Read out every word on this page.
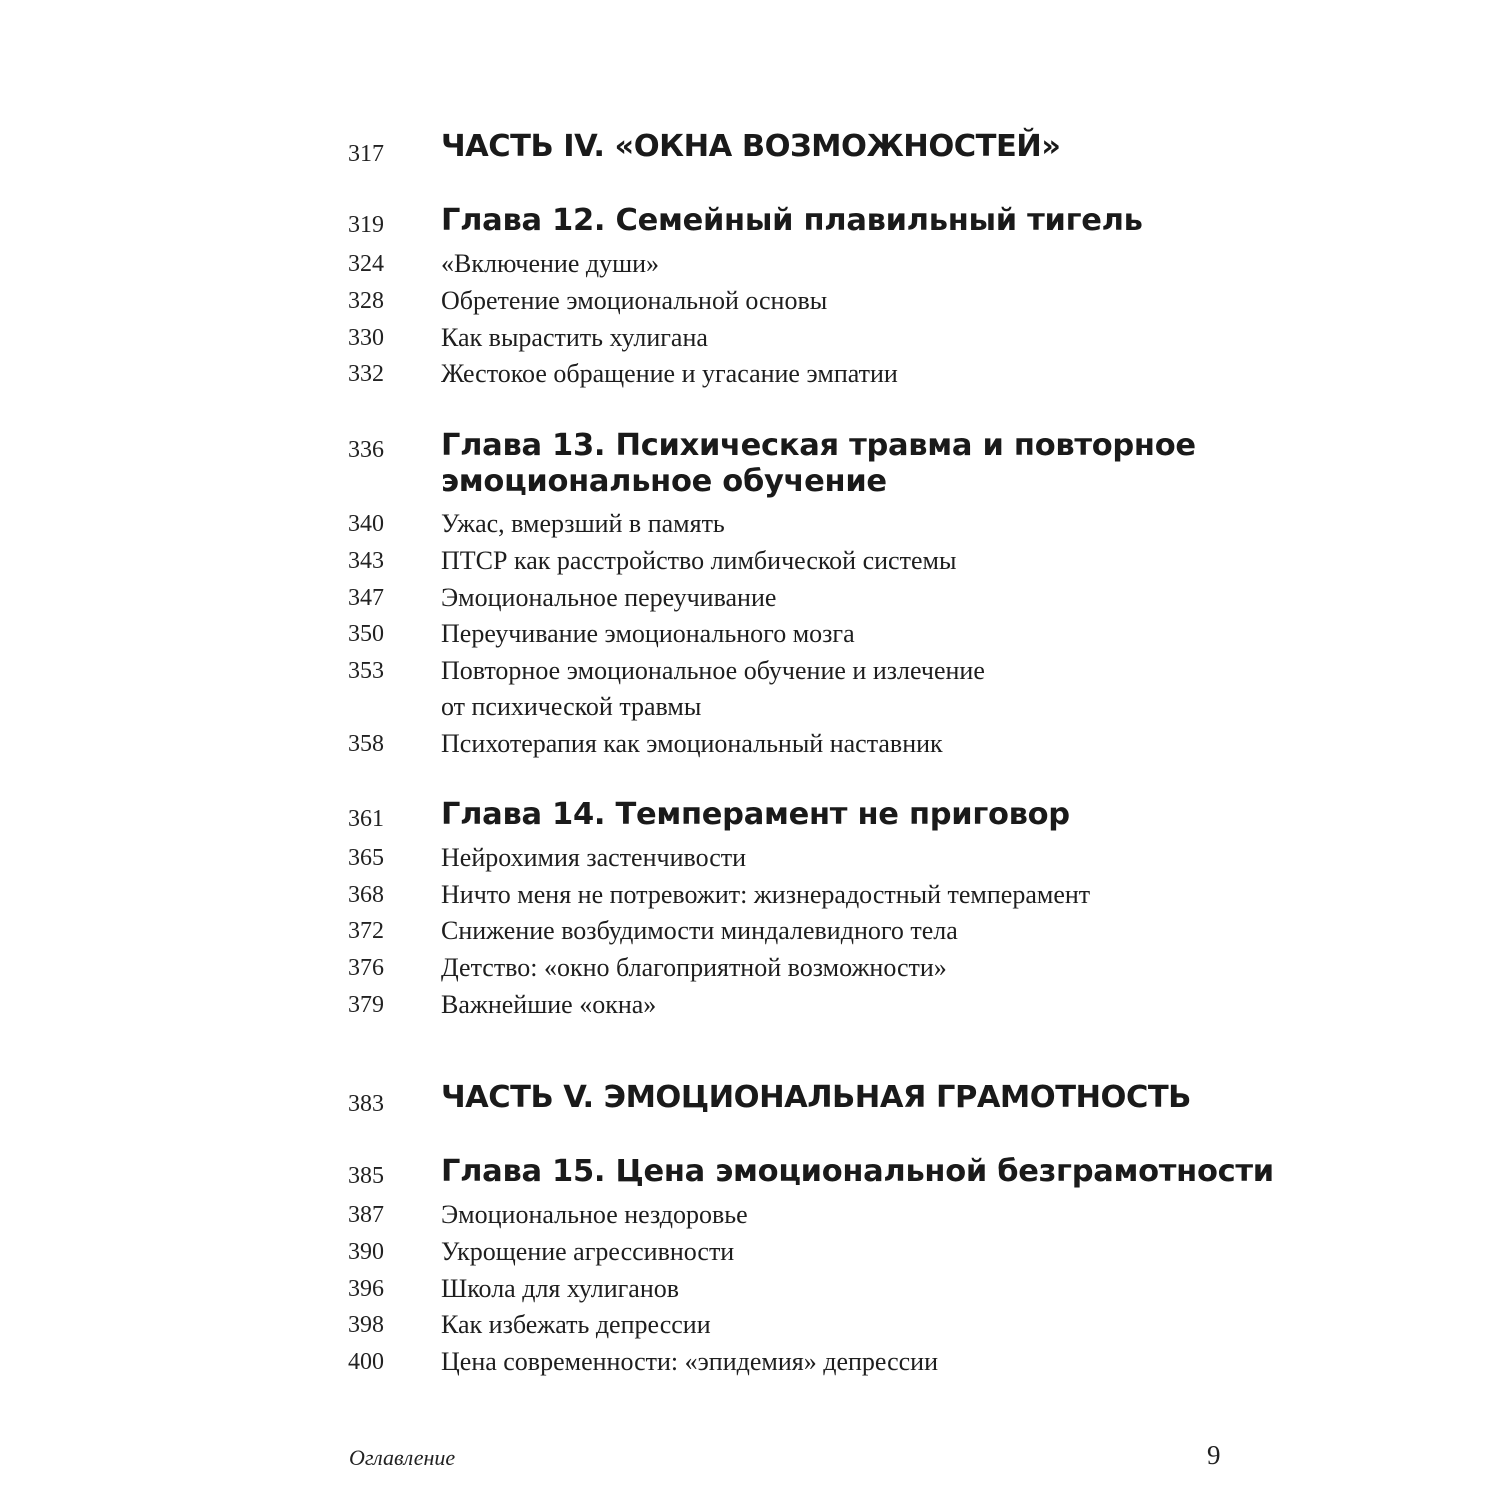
317 ЧАСТЬ IV. «ОКНА ВОЗМОЖНОСТЕЙ»
319 Глава 12. Семейный плавильный тигель
324 «Включение души»
328 Обретение эмоциональной основы
330 Как вырастить хулигана
332 Жестокое обращение и угасание эмпатии
336 Глава 13. Психическая травма и повторное
эмоциональное обучение
340 Ужас, вмерзший в память
343 ПТСР как расстройство лимбической системы
347 Эмоциональное переучивание
350 Переучивание эмоционального мозга
353 Повторное эмоциональное обучение и излечение
от психической травмы
358 Психотерапия как эмоциональный наставник
361 Глава 14. Темперамент не приговор
365 Нейрохимия застенчивости
368 Ничто меня не потревожит: жизнерадостный темперамент
372 Снижение возбудимости миндалевидного тела
376 Детство: «окно благоприятной возможности»
379 Важнейшие «окна»
383 ЧАСТЬ V. ЭМОЦИОНАЛЬНАЯ ГРАМОТНОСТЬ
385 Глава 15. Цена эмоциональной безграмотности
387 Эмоциональное нездоровье
390 Укрощение агрессивности
396 Школа для хулиганов
398 Как избежать депрессии
400 Цена современности: «эпидемия» депрессии
Оглавление	9
